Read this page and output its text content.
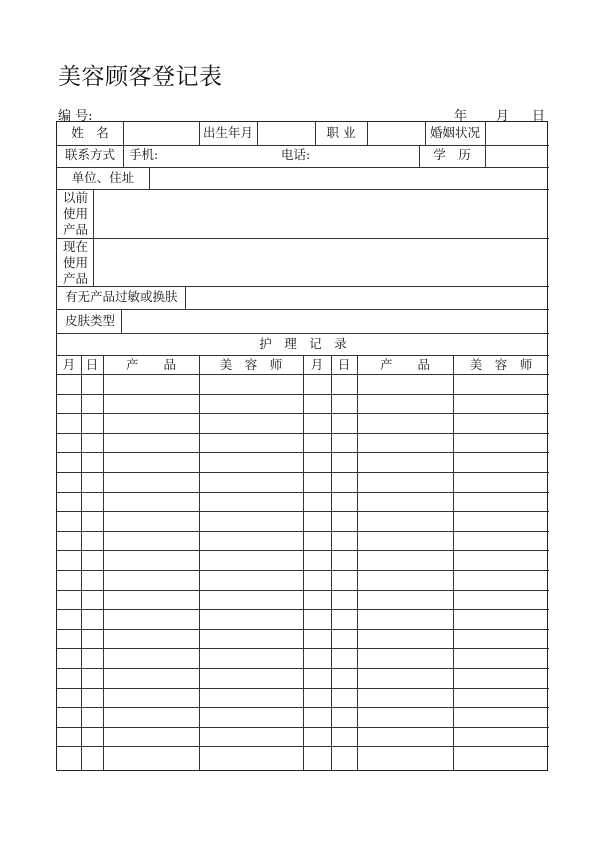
美容顾客登记表
编 号:	年 月 日
姓　名	出生年月	职 业	婚姻状况
联系方式 手机:	电话:	学　历
单位、住址
以前
使用
产品
现在
使用
产品
有无产品过敏或换肤
皮肤类型
护　理　记　录
月 日 产　　品	美　容　师 月 日 产　　品	美　容　师
